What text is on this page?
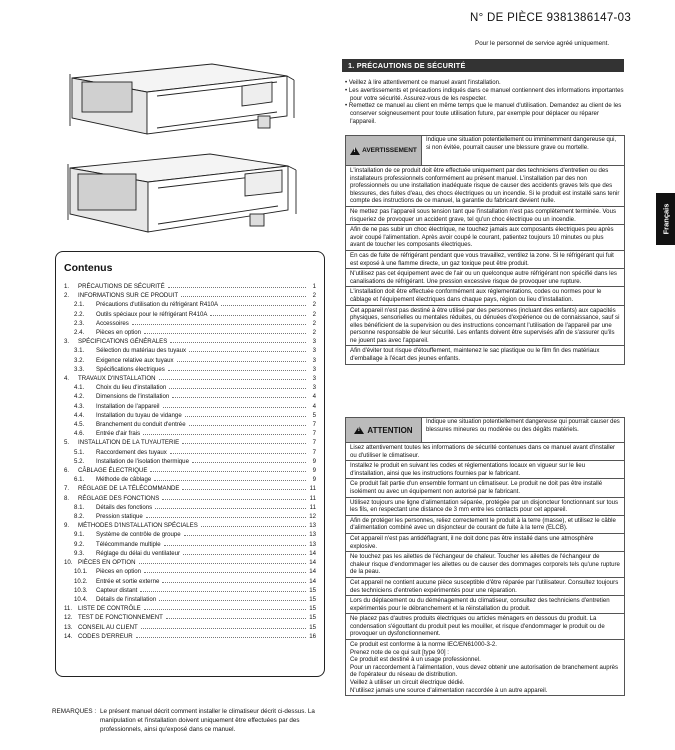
N° DE PIÈCE 9381386147-03
Pour le personnel de service agréé uniquement.
Français
Contenus
1.	PRÉCAUTIONS DE SÉCURITÉ	1
2.	INFORMATIONS SUR CE PRODUIT	2
2.1.	Précautions d'utilisation du réfrigérant R410A	2
2.2.	Outils spéciaux pour le réfrigérant R410A	2
2.3.	Accessoires	2
2.4.	Pièces en option	2
3.	SPÉCIFICATIONS GÉNÉRALES	3
3.1.	Sélection du matériau des tuyaux	3
3.2.	Exigence relative aux tuyaux	3
3.3.	Spécifications électriques	3
4.	TRAVAUX D'INSTALLATION	3
4.1.	Choix du lieu d'installation	3
4.2.	Dimensions de l'installation	4
4.3.	Installation de l'appareil	4
4.4.	Installation du tuyau de vidange	5
4.5.	Branchement du conduit d'entrée	7
4.6.	Entrée d'air frais	7
5.	INSTALLATION DE LA TUYAUTERIE	7
5.1.	Raccordement des tuyaux	7
5.2.	Installation de l'isolation thermique	9
6.	CÂBLAGE ÉLECTRIQUE	9
6.1.	Méthode de câblage	9
7.	RÉGLAGE DE LA TÉLÉCOMMANDE	11
8.	RÉGLAGE DES FONCTIONS	11
8.1.	Détails des fonctions	11
8.2.	Pression statique	12
9.	MÉTHODES D'INSTALLATION SPÉCIALES	13
9.1.	Système de contrôle de groupe	13
9.2.	Télécommande multiple	13
9.3.	Réglage du délai du ventilateur	14
10. PIÈCES EN OPTION	14
10.1.	Pièces en option	14
10.2.	Entrée et sortie externe	14
10.3.	Capteur distant	15
10.4.	Détails de l'installation	15
11. LISTE DE CONTRÔLE	15
12. TEST DE FONCTIONNEMENT	15
13. CONSEIL AU CLIENT	15
14. CODES D'ERREUR	16
REMARQUES : Le présent manuel décrit comment installer le climatiseur décrit ci-dessus. La manipulation et l'installation doivent uniquement être effectuées par des professionnels, ainsi qu'exposé dans ce manuel.
1. PRÉCAUTIONS DE SÉCURITÉ

• Veillez à lire attentivement ce manuel avant l'installation.

• Les avertissements et précautions indiqués dans ce manuel contiennent des informations importantes pour votre sécurité. Assurez-vous de les respecter.

• Remettez ce manuel au client en même temps que le manuel d'utilisation. Demandez au client de les conserver soigneusement pour toute utilisation future, par exemple pour déplacer ou réparer l'appareil.

!
AVERTISSEMENT
Indique une situation potentiellement ou imminemment dangereuse qui, si non évitée, pourrait causer une blessure grave ou mortelle.
L'installation de ce produit doit être effectuée uniquement par des techniciens d'entretien ou des installateurs professionnels conformément au présent manuel. L'installation par des non professionnels ou une installation inadéquate risque de causer des accidents graves tels que des blessures, des fuites d'eau, des chocs électriques ou un incendie. Si le produit est installé sans tenir compte des instructions de ce manuel, la garantie du fabricant devient nulle.
Ne mettez pas l'appareil sous tension tant que l'installation n'est pas complètement terminée. Vous risqueriez de provoquer un accident grave, tel qu'un choc électrique ou un incendie.
Afin de ne pas subir un choc électrique, ne touchez jamais aux composants électriques peu après avoir coupé l'alimentation. Après avoir coupé le courant, patientez toujours 10 minutes ou plus avant de toucher les composants électriques.
En cas de fuite de réfrigérant pendant que vous travaillez, ventilez la zone. Si le réfrigérant qui fuit est exposé à une flamme directe, un gaz toxique peut être produit.
N'utilisez pas cet équipement avec de l'air ou un quelconque autre réfrigérant non spécifié dans les canalisations de réfrigérant. Une pression excessive risque de provoquer une rupture.
L'installation doit être effectuée conformément aux réglementations, codes ou normes pour le câblage et l'équipement électriques dans chaque pays, région ou lieu d'installation.
Cet appareil n'est pas destiné à être utilisé par des personnes (incluant des enfants) aux capacités physiques, sensorielles ou mentales réduites, ou dénuées d'expérience ou de connaissance, sauf si elles bénéficient de la supervision ou des instructions concernant l'utilisation de l'appareil par une personne responsable de leur sécurité. Les enfants doivent être supervisés afin de s'assurer qu'ils ne jouent pas avec l'appareil.
Afin d'éviter tout risque d'étouffement, maintenez le sac plastique ou le film fin des matériaux d'emballage à l'écart des jeunes enfants.
!
ATTENTION
Indique une situation potentiellement dangereuse qui pourrait causer des blessures mineures ou modérée ou des dégâts matériels.
Lisez attentivement toutes les informations de sécurité contenues dans ce manuel avant d'installer ou d'utiliser le climatiseur.
Installez le produit en suivant les codes et réglementations locaux en vigueur sur le lieu d'installation, ainsi que les instructions fournies par le fabricant.
Ce produit fait partie d'un ensemble formant un climatiseur. Le produit ne doit pas être installé isolément ou avec un équipement non autorisé par le fabricant.
Utilisez toujours une ligne d'alimentation séparée, protégée par un disjoncteur fonctionnant sur tous les fils, en respectant une distance de 3 mm entre les contacts pour cet appareil.
Afin de protéger les personnes, reliez correctement le produit à la terre (masse), et utilisez le câble d'alimentation combiné avec un disjoncteur de courant de fuite à la terre (ELCB).
Cet appareil n'est pas antidéflagrant, il ne doit donc pas être installé dans une atmosphère explosive.
Ne touchez pas les ailettes de l'échangeur de chaleur. Toucher les ailettes de l'échangeur de chaleur risque d'endommager les ailettes ou de causer des dommages corporels tels qu'une rupture de la peau.
Cet appareil ne contient aucune pièce susceptible d'être réparée par l'utilisateur. Consultez toujours des techniciens d'entretien expérimentés pour une réparation.
Lors du déplacement ou du déménagement du climatiseur, consultez des techniciens d'entretien expérimentés pour le débranchement et la réinstallation du produit.
Ne placez pas d'autres produits électriques ou articles ménagers en dessous du produit. La condensation s'égouttant du produit peut les mouiller, et risque d'endommager le produit ou de provoquer un dysfonctionnement.
Ce produit est conforme à la norme IEC/EN61000-3-2.
Prenez note de ce qui suit [type 90] :
Ce produit est destiné à un usage professionnel.
Pour un raccordement à l'alimentation, vous devez obtenir une autorisation de branchement auprès de l'opérateur du réseau de distribution.
Veillez à utiliser un circuit électrique dédié.
N'utilisez jamais une source d'alimentation raccordée à un autre appareil.
